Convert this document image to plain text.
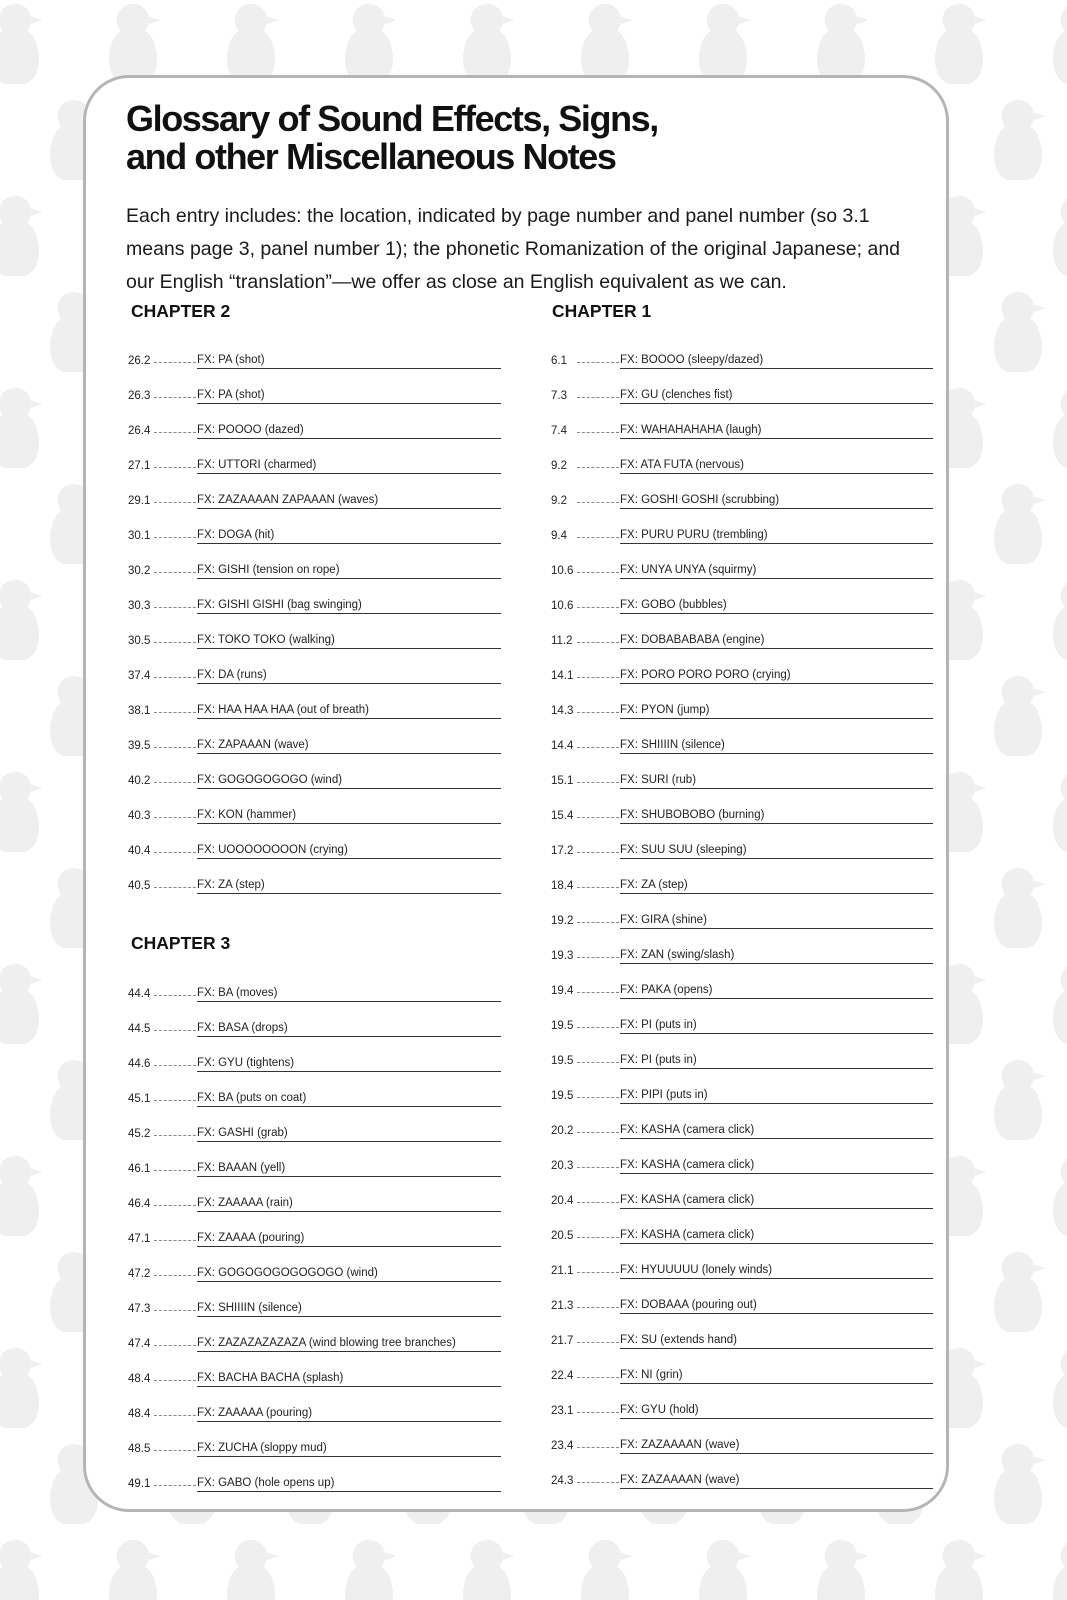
Glossary of Sound Effects, Signs,
and other Miscellaneous Notes

Each entry includes: the location, indicated by page number and panel number (so 3.1 means page 3, panel number 1); the phonetic Romanization of the original Japanese; and our English “translation”—we offer as close an English equivalent as we can.

CHAPTER 2
26.2	FX: PA (shot)
26.3	FX: PA (shot)
26.4	FX: POOOO (dazed)
27.1	FX: UTTORI (charmed)
29.1	FX: ZAZAAAAN ZAPAAAN (waves)
30.1	FX: DOGA (hit)
30.2	FX: GISHI (tension on rope)
30.3	FX: GISHI GISHI (bag swinging)
30.5	FX: TOKO TOKO (walking)
37.4	FX: DA (runs)
38.1	FX: HAA HAA HAA (out of breath)
39.5	FX: ZAPAAAN (wave)
40.2	FX: GOGOGOGOGO (wind)
40.3	FX: KON (hammer)
40.4	FX: UOOOOOOOON (crying)
40.5	FX: ZA (step)
CHAPTER 3
44.4	FX: BA (moves)
44.5	FX: BASA (drops)
44.6	FX: GYU (tightens)
45.1	FX: BA (puts on coat)
45.2	FX: GASHI (grab)
46.1	FX: BAAAN (yell)
46.4	FX: ZAAAAA (rain)
47.1	FX: ZAAAA (pouring)
47.2	FX: GOGOGOGOGOGOGO (wind)
47.3	FX: SHIIIIN (silence)
47.4	FX: ZAZAZAZAZAZA (wind blowing tree branches)
48.4	FX: BACHA BACHA (splash)
48.4	FX: ZAAAAA (pouring)
48.5	FX: ZUCHA (sloppy mud)
49.1	FX: GABO (hole opens up)
CHAPTER 1
6.1	FX: BOOOO (sleepy/dazed)
7.3	FX: GU (clenches fist)
7.4	FX: WAHAHAHAHA (laugh)
9.2	FX: ATA FUTA (nervous)
9.2	FX: GOSHI GOSHI (scrubbing)
9.4	FX: PURU PURU (trembling)
10.6	FX: UNYA UNYA (squirmy)
10.6	FX: GOBO (bubbles)
11.2	FX: DOBABABABA (engine)
14.1	FX: PORO PORO PORO (crying)
14.3	FX: PYON (jump)
14.4	FX: SHIIIIN (silence)
15.1	FX: SURI (rub)
15.4	FX: SHUBOBOBO (burning)
17.2	FX: SUU SUU (sleeping)
18.4	FX: ZA (step)
19.2	FX: GIRA (shine)
19.3	FX: ZAN (swing/slash)
19.4	FX: PAKA (opens)
19.5	FX: PI (puts in)
19.5	FX: PI (puts in)
19.5	FX: PIPI (puts in)
20.2	FX: KASHA (camera click)
20.3	FX: KASHA (camera click)
20.4	FX: KASHA (camera click)
20.5	FX: KASHA (camera click)
21.1	FX: HYUUUUU (lonely winds)
21.3	FX: DOBAAA (pouring out)
21.7	FX: SU (extends hand)
22.4	FX: NI (grin)
23.1	FX: GYU (hold)
23.4	FX: ZAZAAAAN (wave)
24.3	FX: ZAZAAAAN (wave)
